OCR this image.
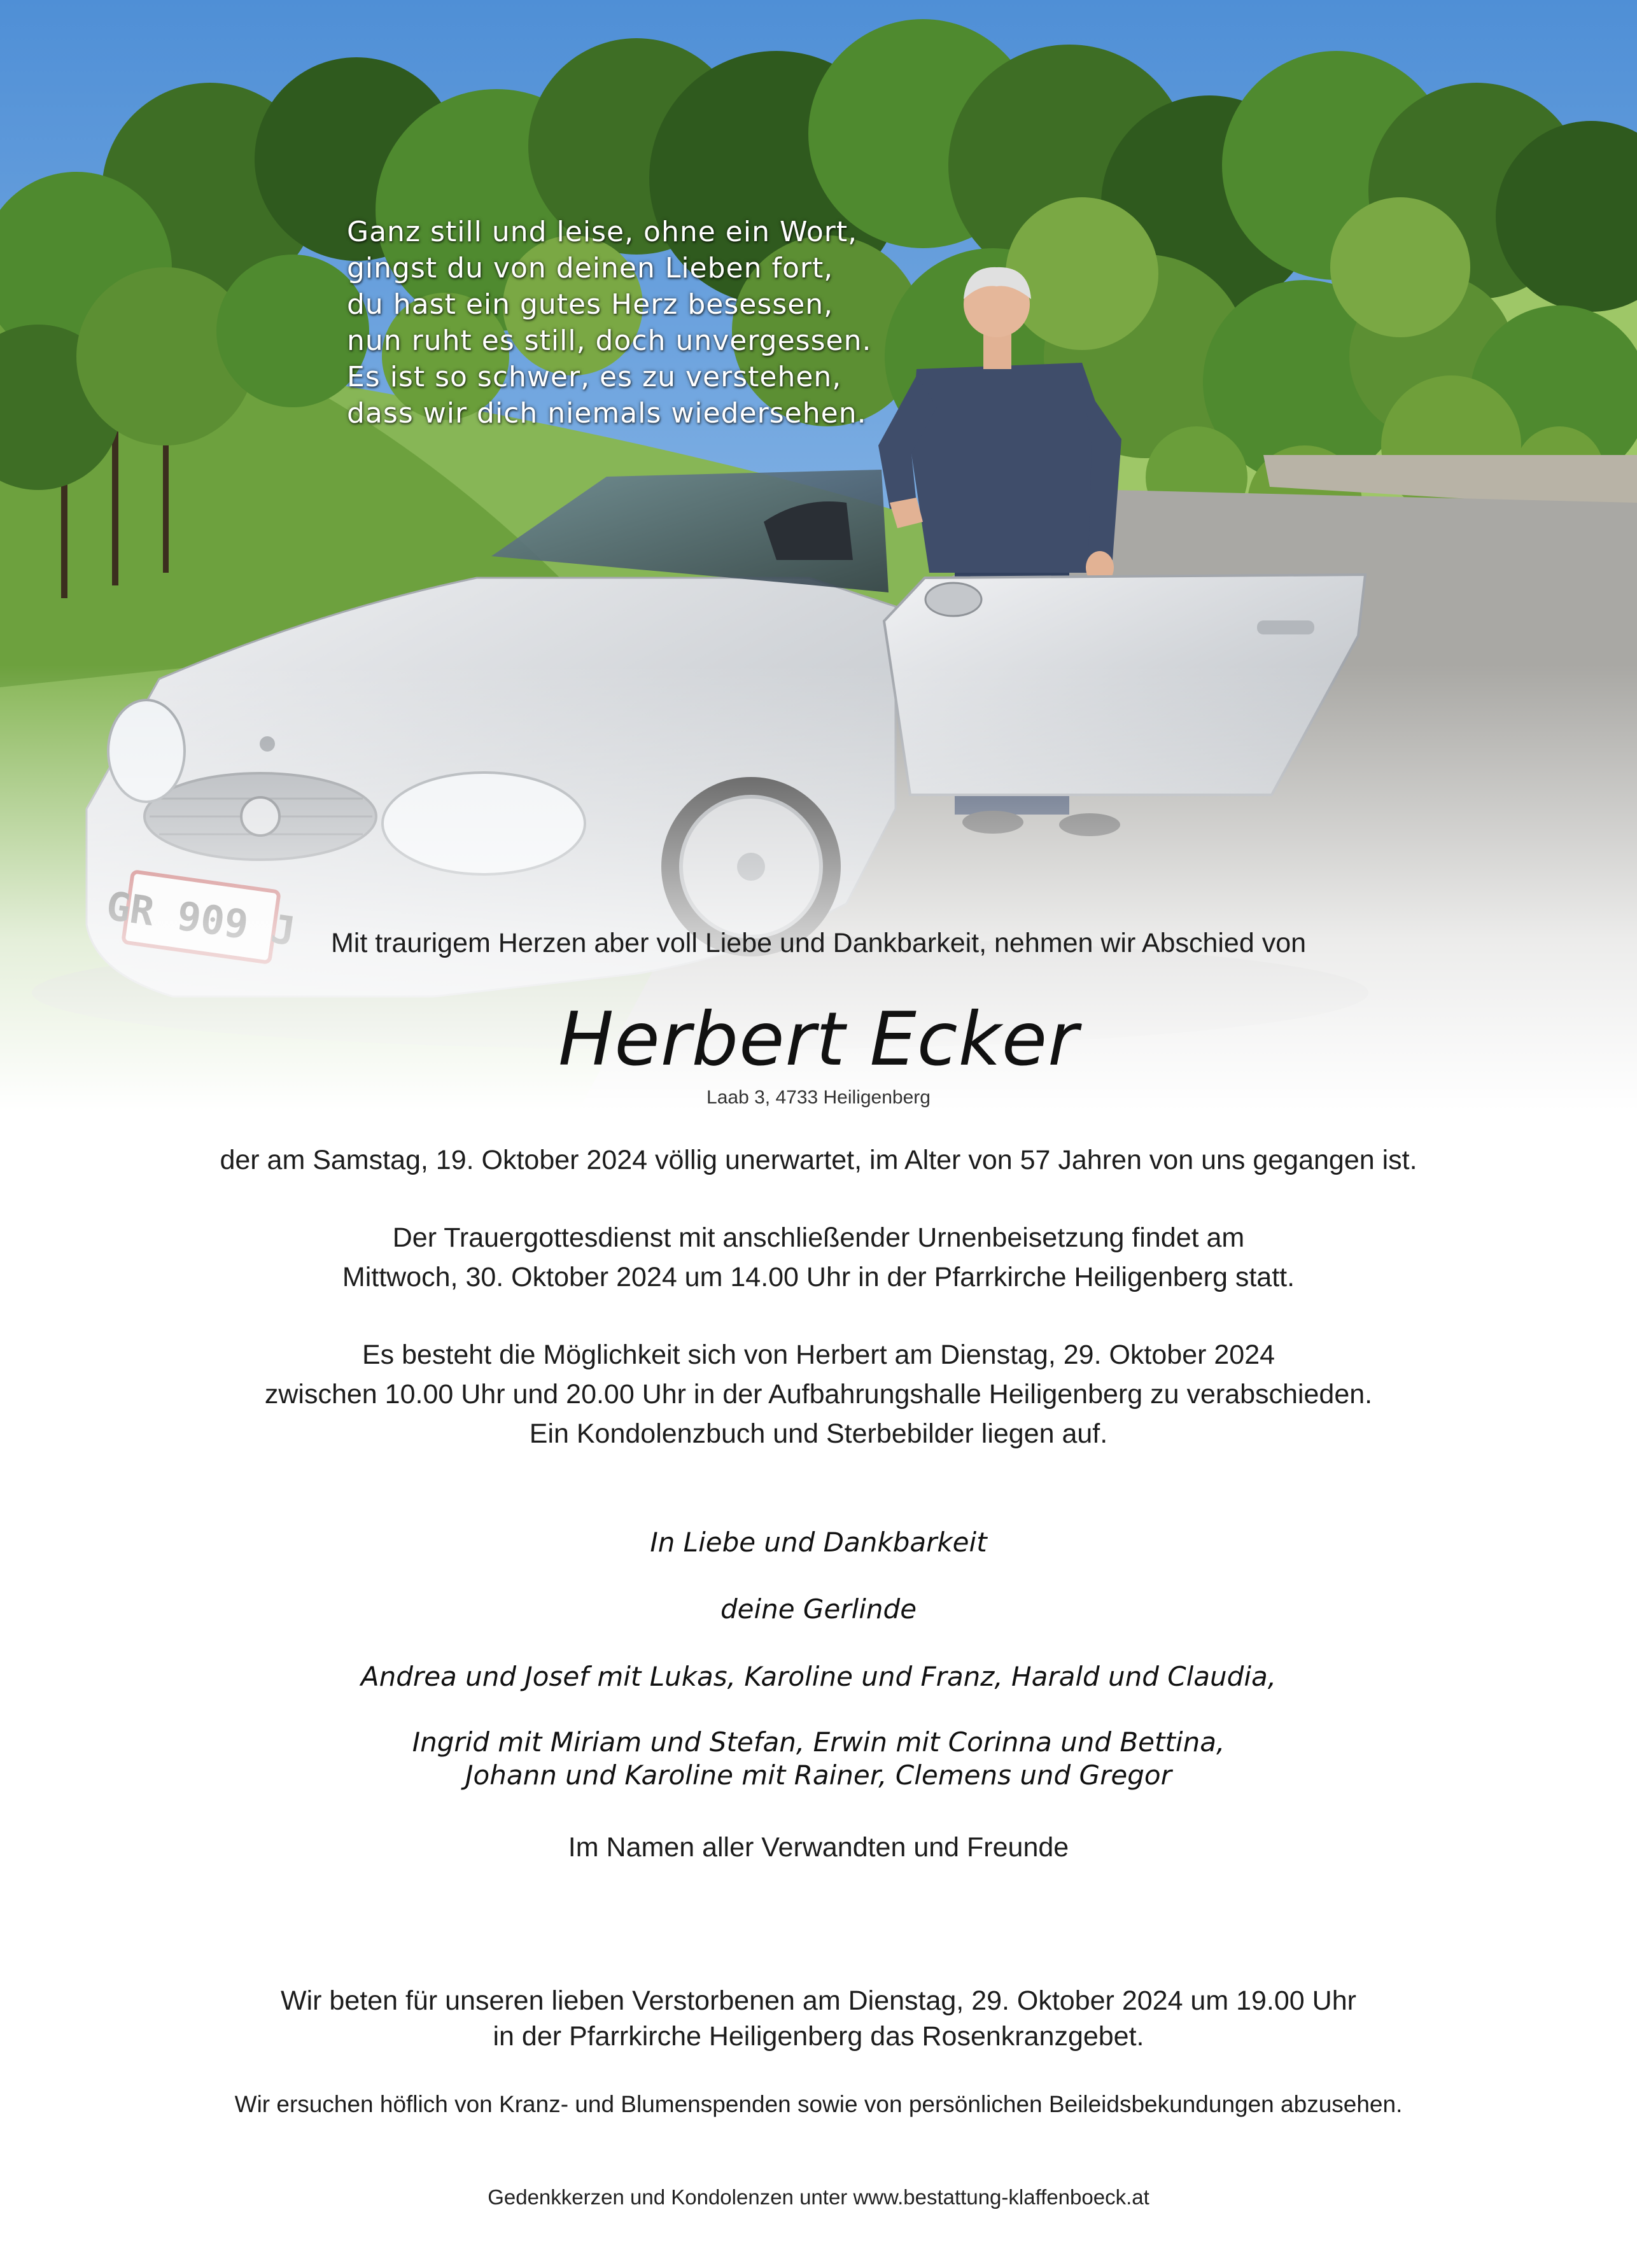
Ganz still und leise, ohne ein Wort,
gingst du von deinen Lieben fort,
du hast ein gutes Herz besessen,
nun ruht es still, doch unvergessen.
Es ist so schwer, es zu verstehen,
dass wir dich niemals wiedersehen.
Mit traurigem Herzen aber voll Liebe und Dankbarkeit, nehmen wir Abschied von
Herbert Ecker
Laab 3, 4733 Heiligenberg
der am Samstag, 19. Oktober 2024 völlig unerwartet, im Alter von 57 Jahren von uns gegangen ist.
Der Trauergottesdienst mit anschließender Urnenbeisetzung findet am
Mittwoch, 30. Oktober 2024 um 14.00 Uhr in der Pfarrkirche Heiligenberg statt.
Es besteht die Möglichkeit sich von Herbert am Dienstag, 29. Oktober 2024
zwischen 10.00 Uhr und 20.00 Uhr in der Aufbahrungshalle Heiligenberg zu verabschieden.
Ein Kondolenzbuch und Sterbebilder liegen auf.
In Liebe und Dankbarkeit
deine Gerlinde
Andrea und Josef mit Lukas, Karoline und Franz, Harald und Claudia,
Ingrid mit Miriam und Stefan, Erwin mit Corinna und Bettina,
Johann und Karoline mit Rainer, Clemens und Gregor
Im Namen aller Verwandten und Freunde
Wir beten für unseren lieben Verstorbenen am Dienstag, 29. Oktober 2024 um 19.00 Uhr
in der Pfarrkirche Heiligenberg das Rosenkranzgebet.
Wir ersuchen höflich von Kranz- und Blumenspenden sowie von persönlichen Beileidsbekundungen abzusehen.
Gedenkkerzen und Kondolenzen unter www.bestattung-klaffenboeck.at
